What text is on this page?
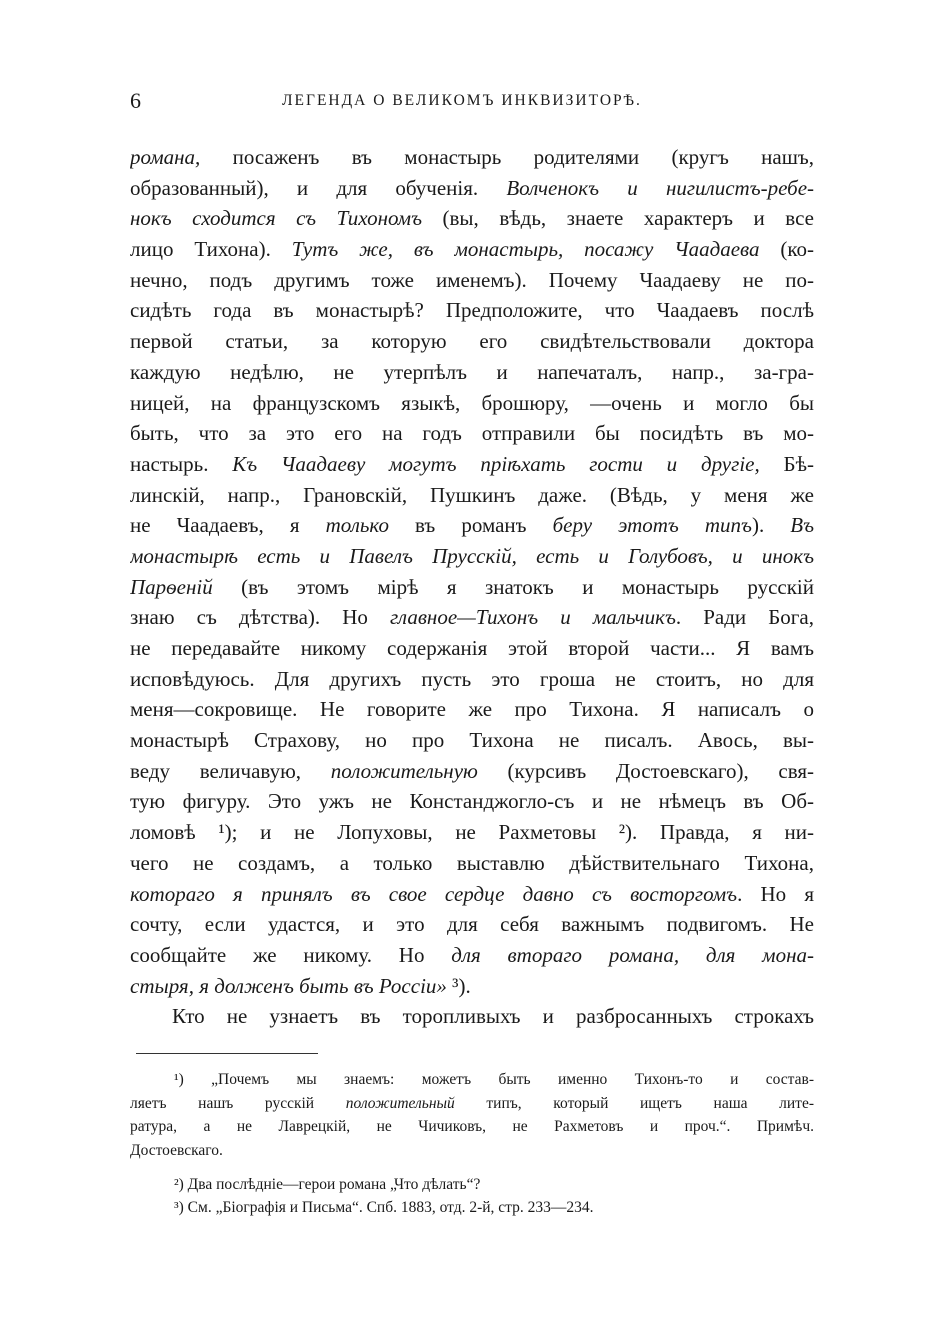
6	ЛЕГЕНДА О ВЕЛИКОМЪ ИНКВИЗИТОРѢ.
романа, посаженъ въ монастырь родителями (кругъ нашъ,
образованный), и для обученія. Волченокъ и нигилистъ-ребе-
нокъ сходится съ Тихономъ (вы, вѣдь, знаете характеръ и все
лицо Тихона). Тутъ же, въ монастырь, посажу Чаадаева (ко-
нечно, подъ другимъ тоже именемъ). Почему Чаадаеву не по-
сидѣть года въ монастырѣ? Предположите, что Чаадаевъ послѣ
первой статьи, за которую его свидѣтельствовали доктора
каждую недѣлю, не утерпѣлъ и напечаталъ, напр., за-гра-
ницей, на французскомъ языкѣ, брошюру, —очень и могло бы
быть, что за это его на годъ отправили бы посидѣть въ мо-
настырь. Къ Чаадаеву могутъ пріѣхать гости и другіе, Бѣ-
линскій, напр., Грановскій, Пушкинъ даже. (Вѣдь, у меня же
не Чаадаевъ, я только въ романъ беру этотъ типъ). Въ
монастырѣ есть и Павелъ Прусскій, есть и Голубовъ, и инокъ
Парѳеній (въ этомъ мірѣ я знатокъ и монастырь русскій
знаю съ дѣтства). Но главное—Тихонъ и мальчикъ. Ради Бога,
не передавайте никому содержанія этой второй части... Я вамъ
исповѣдуюсь. Для другихъ пусть это гроша не стоитъ, но для
меня—сокровище. Не говорите же про Тихона. Я написалъ о
монастырѣ Страхову, но про Тихона не писалъ. Авось, вы-
веду величавую, положительную (курсивъ Достоевскаго), свя-
тую фигуру. Это ужъ не Констанджогло-съ и не нѣмецъ въ Об-
ломовѣ ¹); и не Лопуховы, не Рахметовы ²). Правда, я ни-
чего не создамъ, а только выставлю дѣйствительнаго Тихона,
котораго я принялъ въ свое сердце давно съ восторгомъ. Но я
сочту, если удастся, и это для себя важнымъ подвигомъ. Не
сообщайте же никому. Но для втораго романа, для мона-
стыря, я долженъ быть въ Россіи» ³).
Кто не узнаетъ въ торопливыхъ и разбросанныхъ строкахъ
¹) „Почемъ мы знаемъ: можетъ быть именно Тихонъ-то и состав-
ляетъ нашъ русскій положительный типъ, который ищетъ наша лите-
ратура, а не Лаврецкій, не Чичиковъ, не Рахметовъ и проч.“. Примѣч.
Достоевскаго.
²) Два послѣдніе—герои романа „Что дѣлать“?
³) См. „Біографія и Письма“. Спб. 1883, отд. 2-й, стр. 233—234.
